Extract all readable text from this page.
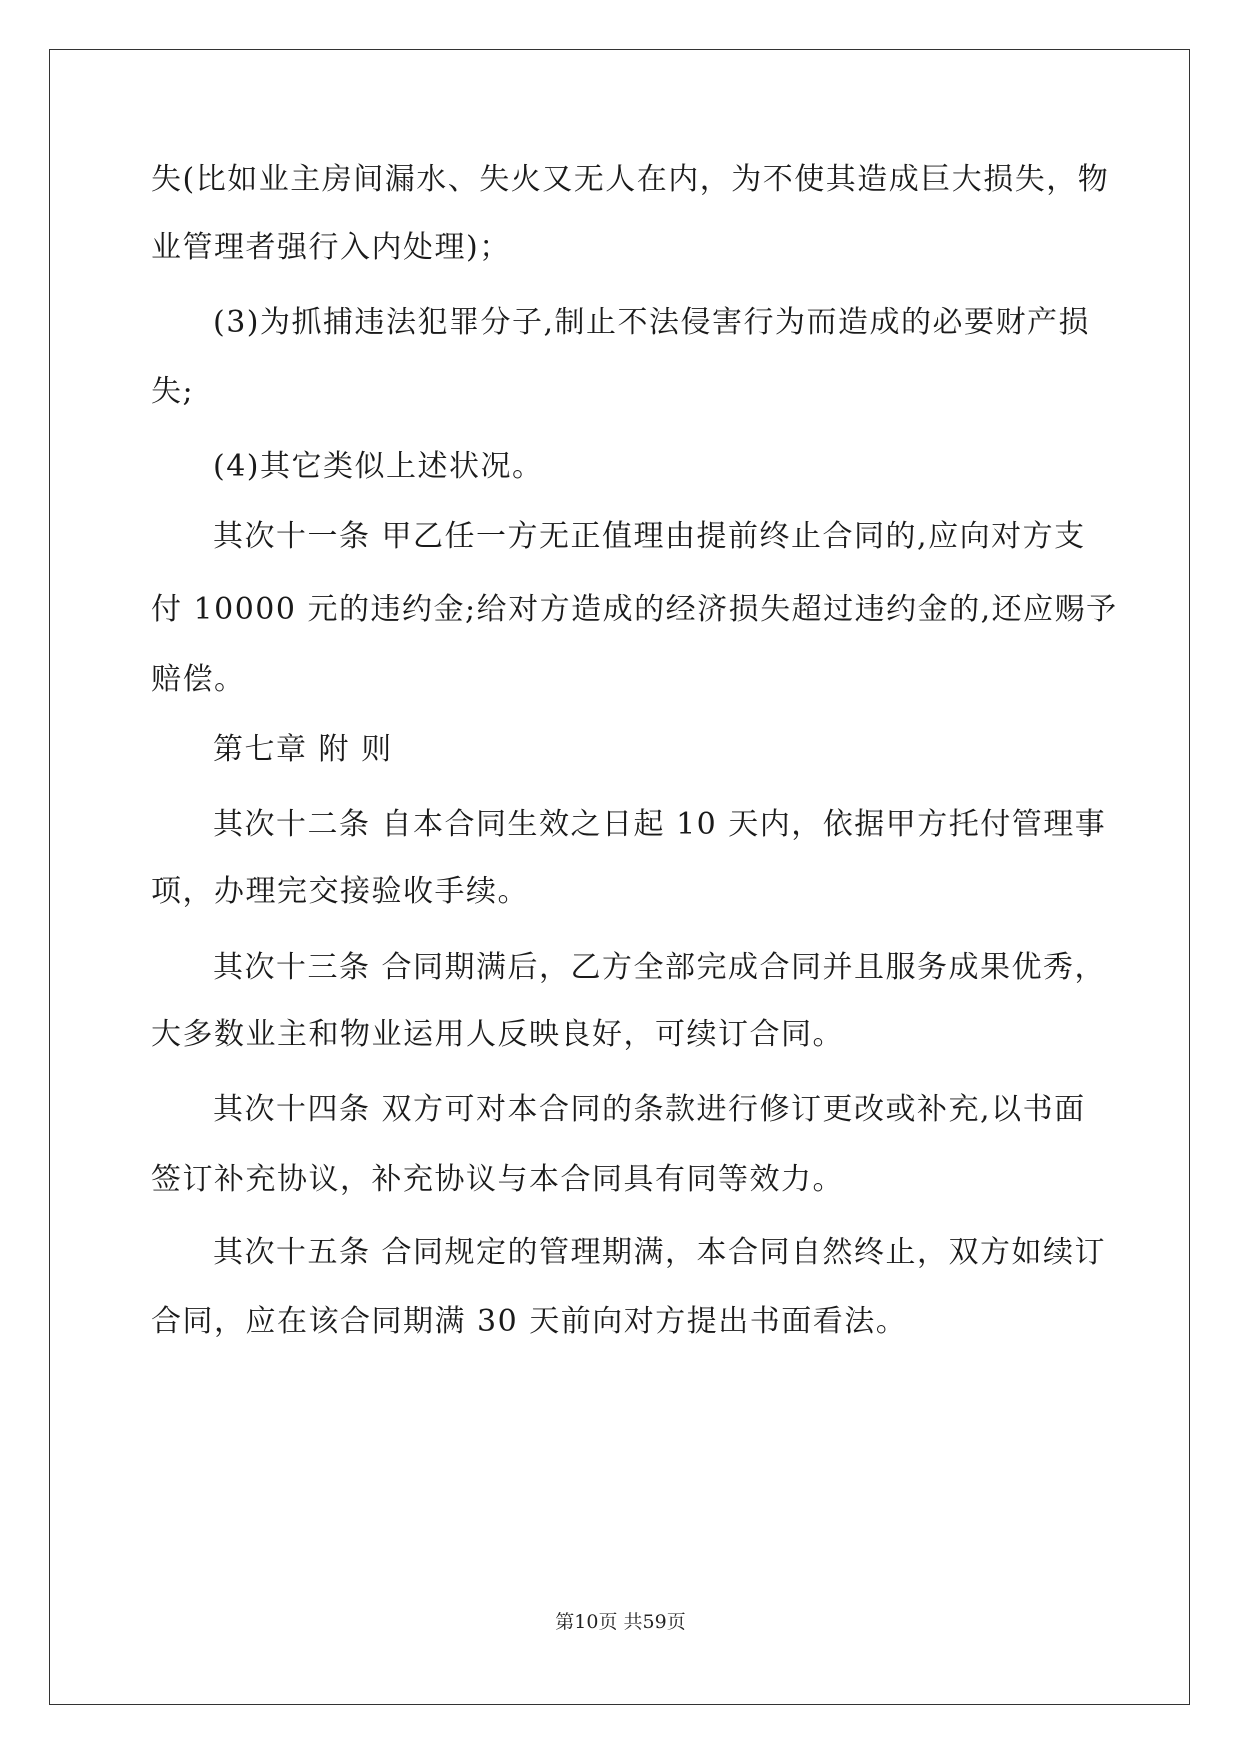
失(比如业主房间漏水、失火又无人在内，为不使其造成巨大损失，物
业管理者强行入内处理)；
(3)为抓捕违法犯罪分子,制止不法侵害行为而造成的必要财产损
失;
(4)其它类似上述状况。
其次十一条 甲乙任一方无正值理由提前终止合同的,应向对方支
付 10000 元的违约金;给对方造成的经济损失超过违约金的,还应赐予
赔偿。
第七章 附 则
其次十二条 自本合同生效之日起 10 天内，依据甲方托付管理事
项，办理完交接验收手续。
其次十三条 合同期满后，乙方全部完成合同并且服务成果优秀，
大多数业主和物业运用人反映良好，可续订合同。
其次十四条 双方可对本合同的条款进行修订更改或补充,以书面
签订补充协议，补充协议与本合同具有同等效力。
其次十五条 合同规定的管理期满，本合同自然终止，双方如续订
合同，应在该合同期满 30 天前向对方提出书面看法。
第10页 共59页
